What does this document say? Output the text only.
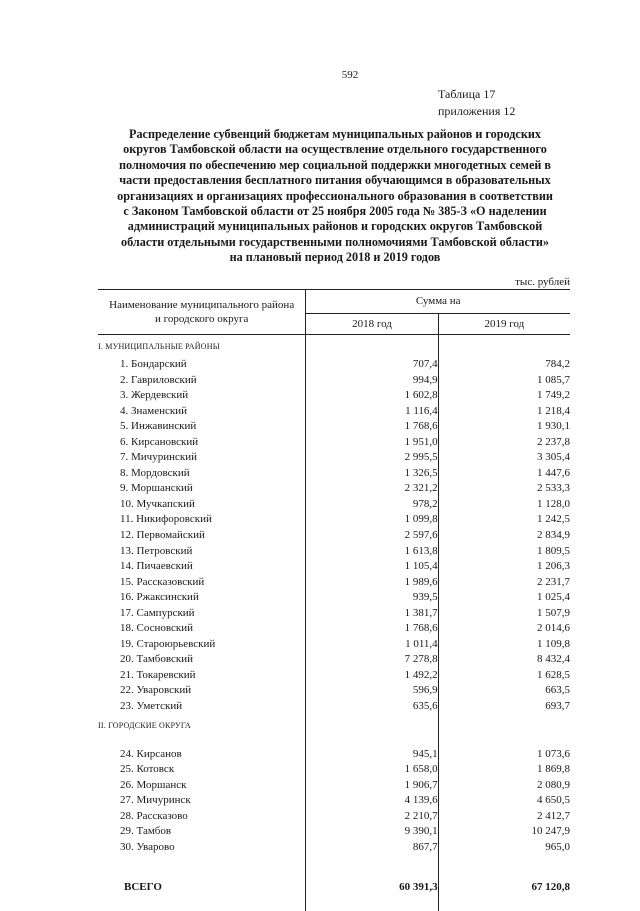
592
Таблица 17
приложения 12
Распределение субвенций бюджетам муниципальных районов и городских
округов Тамбовской области на осуществление отдельного государственного
полномочия по обеспечению мер социальной поддержки многодетных семей в
части предоставления бесплатного питания обучающимся в образовательных
организациях и организациях профессионального образования в соответствии
с Законом Тамбовской области от 25 ноября 2005 года № 385-З «О наделении
администраций муниципальных районов и городских округов Тамбовской
области отдельными государственными полномочиями Тамбовской области»
на плановый период 2018 и 2019 годов
тыс. рублей
Наименование муниципального района
и городского округа	Сумма на	
	2018 год	2019 год
I. МУНИЦИПАЛЬНЫЕ РАЙОНЫ		
1. Бондарский	707,4	784,2
2. Гавриловский	994,9	1 085,7
3. Жердевский	1 602,8	1 749,2
4. Знаменский	1 116,4	1 218,4
5. Инжавинский	1 768,6	1 930,1
6. Кирсановский	1 951,0	2 237,8
7. Мичуринский	2 995,5	3 305,4
8. Мордовский	1 326,5	1 447,6
9. Моршанский	2 321,2	2 533,3
10. Мучкапский	978,2	1 128,0
11. Никифоровский	1 099,8	1 242,5
12. Первомайский	2 597,6	2 834,9
13. Петровский	1 613,8	1 809,5
14. Пичаевский	1 105,4	1 206,3
15. Рассказовский	1 989,6	2 231,7
16. Ржаксинский	939,5	1 025,4
17. Сампурский	1 381,7	1 507,9
18. Сосновский	1 768,6	2 014,6
19. Староюрьевский	1 011,4	1 109,8
20. Тамбовский	7 278,8	8 432,4
21. Токаревский	1 492,2	1 628,5
22. Уваровский	596,9	663,5
23. Уметский	635,6	693,7
II. ГОРОДСКИЕ ОКРУГА		

24. Кирсанов	945,1	1 073,6
25. Котовск	1 658,0	1 869,8
26. Моршанск	1 906,7	2 080,9
27. Мичуринск	4 139,6	4 650,5
28. Рассказово	2 210,7	2 412,7
29. Тамбов	9 390,1	10 247,9
30. Уварово	867,7	965,0
ВСЕГО	60 391,3	67 120,8
